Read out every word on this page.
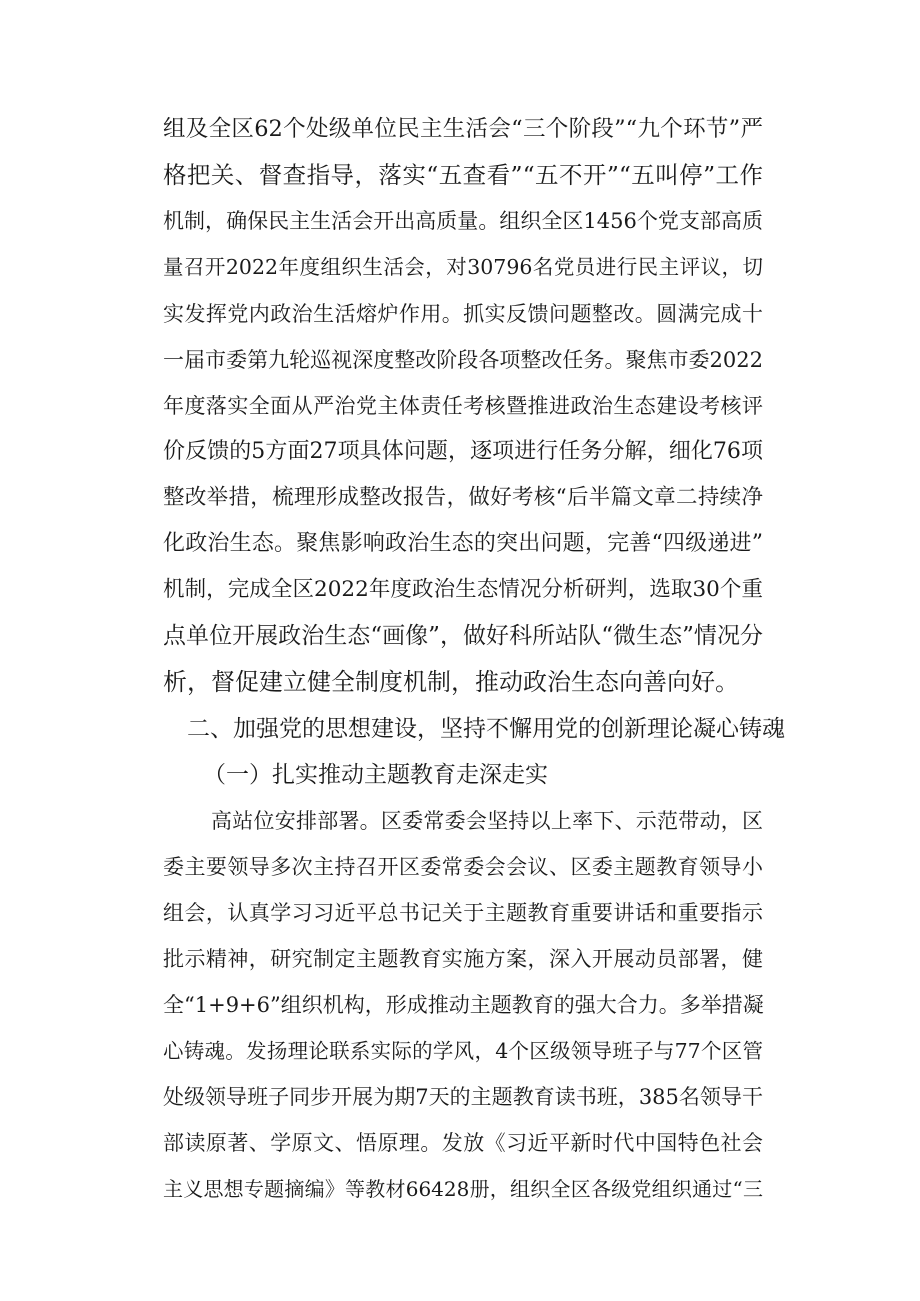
组及全区62个处级单位民主生活会“三个阶段”“九个环节”严
格把关、督查指导，落实“五查看”“五不开”“五叫停”工作
机制，确保民主生活会开出高质量。组织全区1456个党支部高质
量召开2022年度组织生活会，对30796名党员进行民主评议，切
实发挥党内政治生活熔炉作用。抓实反馈问题整改。圆满完成十
一届市委第九轮巡视深度整改阶段各项整改任务。聚焦市委2022
年度落实全面从严治党主体责任考核暨推进政治生态建设考核评
价反馈的5方面27项具体问题，逐项进行任务分解，细化76项
整改举措，梳理形成整改报告，做好考核“后半篇文章二持续净
化政治生态。聚焦影响政治生态的突出问题，完善“四级递进”
机制，完成全区2022年度政治生态情况分析研判，选取30个重
点单位开展政治生态“画像”，做好科所站队“微生态”情况分
析，督促建立健全制度机制，推动政治生态向善向好。
二、加强党的思想建设，坚持不懈用党的创新理论凝心铸魂
（一）扎实推动主题教育走深走实
高站位安排部署。区委常委会坚持以上率下、示范带动，区
委主要领导多次主持召开区委常委会会议、区委主题教育领导小
组会，认真学习习近平总书记关于主题教育重要讲话和重要指示
批示精神，研究制定主题教育实施方案，深入开展动员部署，健
全“1+9+6”组织机构，形成推动主题教育的强大合力。多举措凝
心铸魂。发扬理论联系实际的学风，4个区级领导班子与77个区管
处级领导班子同步开展为期7天的主题教育读书班，385名领导干
部读原著、学原文、悟原理。发放《习近平新时代中国特色社会
主义思想专题摘编》等教材66428册，组织全区各级党组织通过“三
